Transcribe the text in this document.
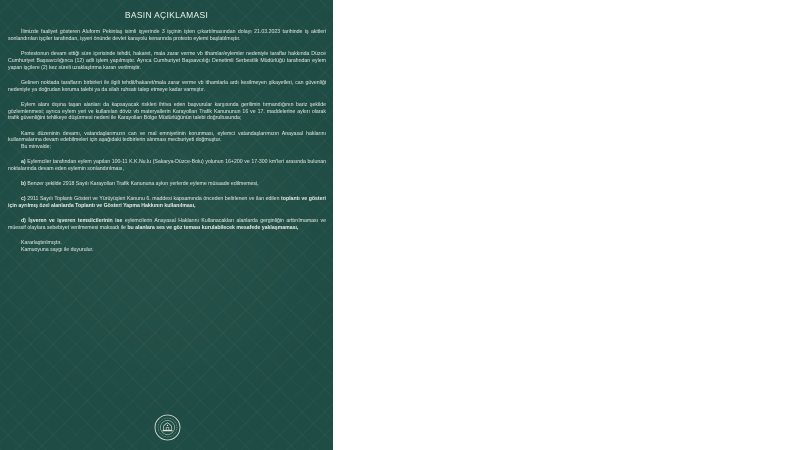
BASIN AÇIKLAMASI

İlimizde faaliyet gösteren Aluform Pekintaş isimli işyerinde 3 işçinin işten çıkartılmasından dolayı 21.03.2023 tarihinde iş akitleri sonlandırılan işçiler tarafından, işyeri önünde devlet karayolu kenarında protesto eylemi başlatılmıştır.

Protestonun devam ettiği süre içerisinde tehdit, hakaret, mala zarar verme vb ithamlar/eylemler nedeniyle taraflar hakkında Düzce Cumhuriyet Başsavcılığınca (12) adli işlem yapılmıştır. Ayrıca Cumhuriyet Başsavcılığı Denetimli Serbestlik Müdürlüğü tarafından eylem yapan işçilere (2) kez süreli uzaklaştırma kararı verilmiştir.

Gelinen noktada tarafların birbirleri ile ilgili tehdit/hakaret/mala zarar verme vb ithamlarla ardı kesilmeyen şikayetleri, can güvenliği nedeniyle ya doğrudan koruma talebi ya da silah ruhsatı talep etmeye kadar varmıştır.

Eylem alanı dışına taşan alanları da kapsayacak riskleri ihtiva eden başvurular karşısında gerilimin tırmandığının bariz şekilde gözlemlenmesi; ayrıca eylem yeri ve kullanılan döviz vb materyallerin Karayolları Trafik Kanununun 16 ve 17. maddelerine aykırı olarak trafik güvenliğini tehlikeye düşürmesi nedeni ile Karayolları Bölge Müdürlüğünün talebi doğrultusunda;

Kamu düzeninin devamı, vatandaşlarımızın can ve mal emniyetinin korunması, eylemci vatandaşlarımızın Anayasal haklarını kullanmalarına devam edebilmeleri için aşağıdaki tedbirlerin alınması mecburiyeti doğmuştur.

Bu minvalde;

a) Eylemciler tarafından eylem yapılan 100-11 K.K.Nu.lu (Sakarya-Düzce-Bolu) yolunun 16+200 ve 17-300 km'leri arasında bulunan noktalarında devam eden eylemin sonlandırılması,

b) Benzer şekilde 2918 Sayılı Karayolları Trafik Kanununa aykırı yerlerde eyleme müsaade edilmemesi,

c) 2911 Sayılı Toplantı Gösteri ve Yürüyüşleri Kanunu 6. maddesi kapsamında önceden belirlenen ve ilan edilen toplantı ve gösteri için ayrılmış özel alanlarda Toplantı ve Gösteri Yapma Hakkının kullanılması,

d) İşveren ve işveren temsilcilerinin ise eylemcilerin Anayasal Haklarını Kullanacakları alanlarda gerginliğin arttırılmaması ve müessif olaylara sebebiyet verilmemesi maksadı ile bu alanlara ses ve göz teması kurulabilecek mesafede yaklaşmaması,

Kararlaştırılmıştır.
Kamuoyuna saygı ile duyurulur.
